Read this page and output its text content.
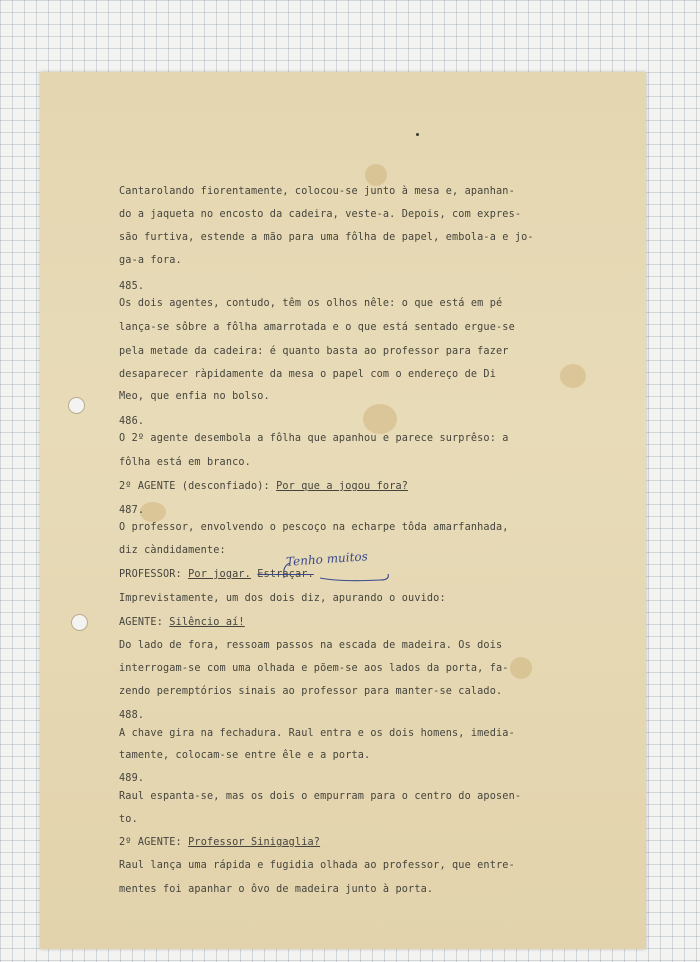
Cantarolando fiorentamente, colocou-se junto à mesa e, apanhan-
do a jaqueta no encosto da cadeira, veste-a. Depois, com expres-
são furtiva, estende a mão para uma fôlha de papel, embola-a e jo-
ga-a fora.
485.
Os dois agentes, contudo, têm os olhos nêle: o que está em pé
lança-se sôbre a fôlha amarrotada e o que está sentado ergue-se
pela metade da cadeira: é quanto basta ao professor para fazer
desaparecer ràpidamente da mesa o papel com o endereço de Di
Meo, que enfia no bolso.
486.
O 2º agente desembola a fôlha que apanhou e parece surprêso: a
fôlha está em branco.
2º AGENTE (desconfiado): Por que a jogou fora?
487.
O professor, envolvendo o pescoço na echarpe tôda amarfanhada,
diz càndidamente:
PROFESSOR: Por jogar. Estraçar.
Tenho muitos
Imprevistamente, um dos dois diz, apurando o ouvido:
AGENTE: Silêncio aí!
Do lado de fora, ressoam passos na escada de madeira. Os dois
interrogam-se com uma olhada e põem-se aos lados da porta, fa-
zendo peremptórios sinais ao professor para manter-se calado.
488.
A chave gira na fechadura. Raul entra e os dois homens, imedia-
tamente, colocam-se entre êle e a porta.
489.
Raul espanta-se, mas os dois o empurram para o centro do aposen-
to.
2º AGENTE: Professor Sinigaglia?
Raul lança uma rápida e fugidia olhada ao professor, que entre-
mentes foi apanhar o ôvo de madeira junto à porta.
